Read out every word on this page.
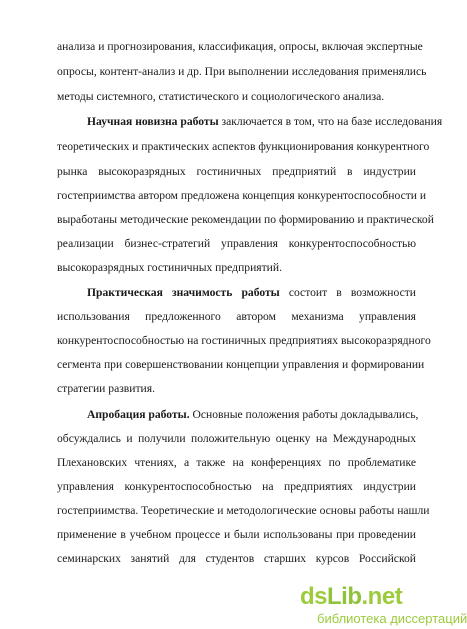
анализа и прогнозирования, классификация, опросы, включая экспертные
опросы, контент-анализ и др. При выполнении исследования применялись
методы системного, статистического и социологического анализа.
Научная новизна работы заключается в том, что на базе исследования
теоретических и практических аспектов функционирования конкурентного
рынка высокоразрядных гостиничных предприятий в индустрии
гостеприимства автором предложена концепция конкурентоспособности и
выработаны методические рекомендации по формированию и практической
реализации бизнес-стратегий управления конкурентоспособностью
высокоразрядных гостиничных предприятий.
Практическая значимость работы состоит в возможности
использования предложенного автором механизма управления
конкурентоспособностью на гостиничных предприятиях высокоразрядного
сегмента при совершенствовании концепции управления и формировании
стратегии развития.
Апробация работы. Основные положения работы докладывались,
обсуждались и получили положительную оценку на Международных
Плехановских чтениях, а также на конференциях по проблематике
управления конкурентоспособностью на предприятиях индустрии
гостеприимства. Теоретические и методологические основы работы нашли
применение в учебном процессе и были использованы при проведении
семинарских занятий для студентов старших курсов Российской
ds Lib .net
библиотека диссертаций
